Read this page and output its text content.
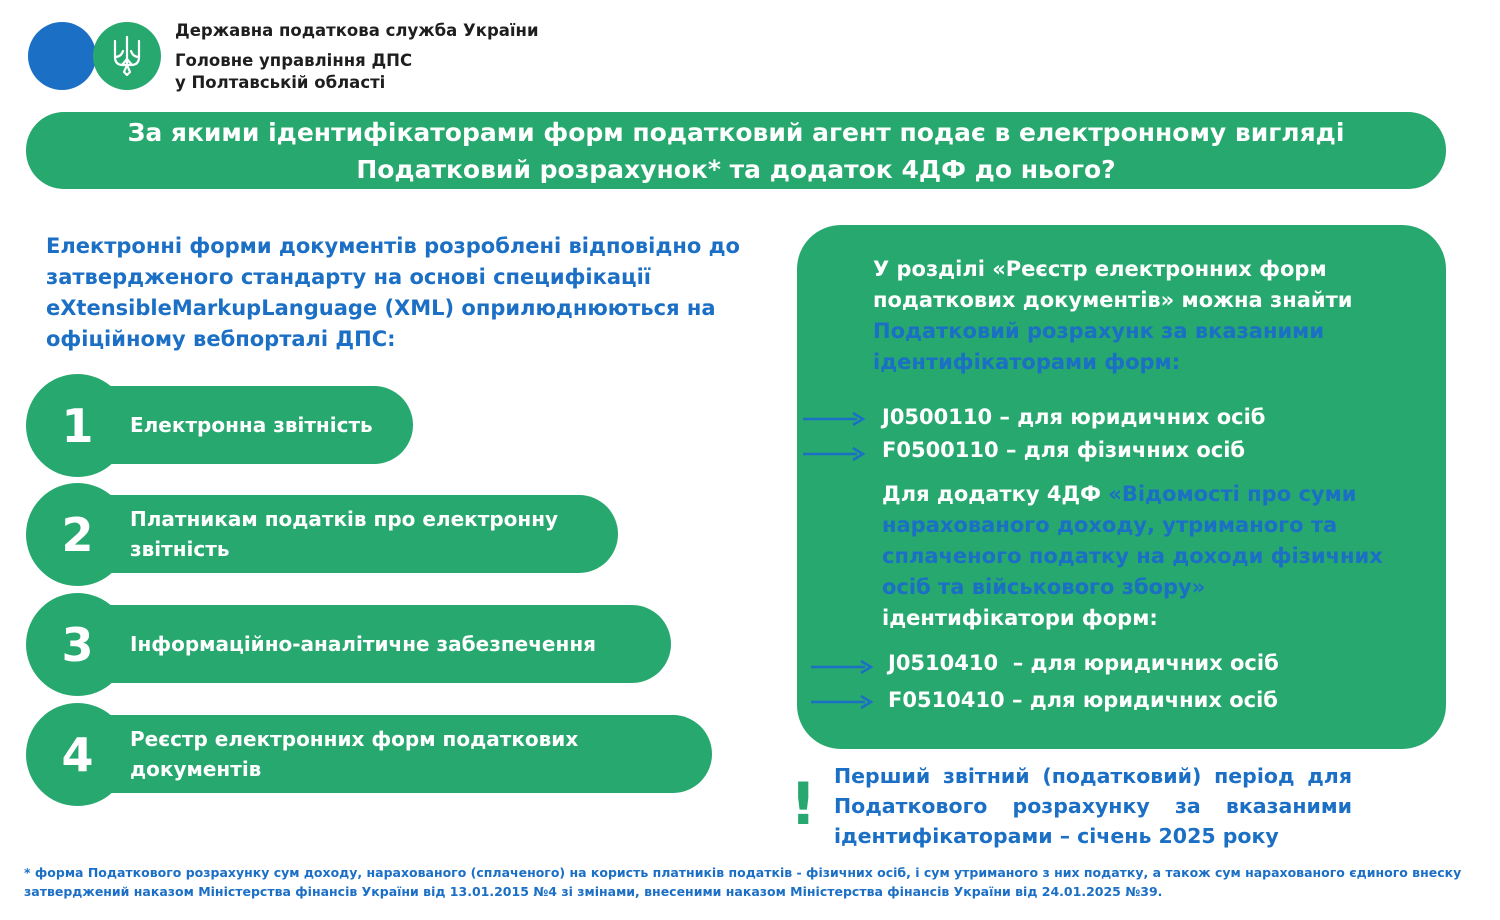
Державна податкова служба України
Головне управління ДПС
у Полтавській області
За якими ідентифікаторами форм податковий агент подає в електронному вигляді
Податковий розрахунок* та додаток 4ДФ до нього?
Електронні форми документів розроблені відповідно до
затвердженого стандарту на основі специфікації
eXtensibleMarkupLanguage (XML) оприлюднюються на
офіційному вебпорталі ДПС:
Електронна звітність
1
Платникам податків про електронну
звітність
2
Інформаційно-аналітичне забезпечення
3
Реєстр електронних форм податкових
документів
4
У розділі «Реєстр електронних форм
податкових документів» можна знайти
Податковий розрахунк за вказаними
ідентифікаторами форм:
J0500110 – для юридичних осіб
F0500110 – для фізичних осіб
Для додатку 4ДФ «Відомості про суми нарахованого доходу, утриманого та сплаченого податку на доходи фізичних осіб та військового збору»
ідентифікатори форм:
J0510410  – для юридичних осіб
F0510410 – для юридичних осіб
! Перший звітний (податковий) період для Податкового розрахунку за вказаними ідентифікаторами – січень 2025 року
* форма Податкового розрахунку сум доходу, нарахованого (сплаченого) на користь платників податків - фізичних осіб, і сум утриманого з них податку, а також сум нарахованого єдиного внеску затверджений наказом Міністерства фінансів України від 13.01.2015 №4 зі змінами, внесеними наказом Міністерства фінансів України від 24.01.2025 №39.
